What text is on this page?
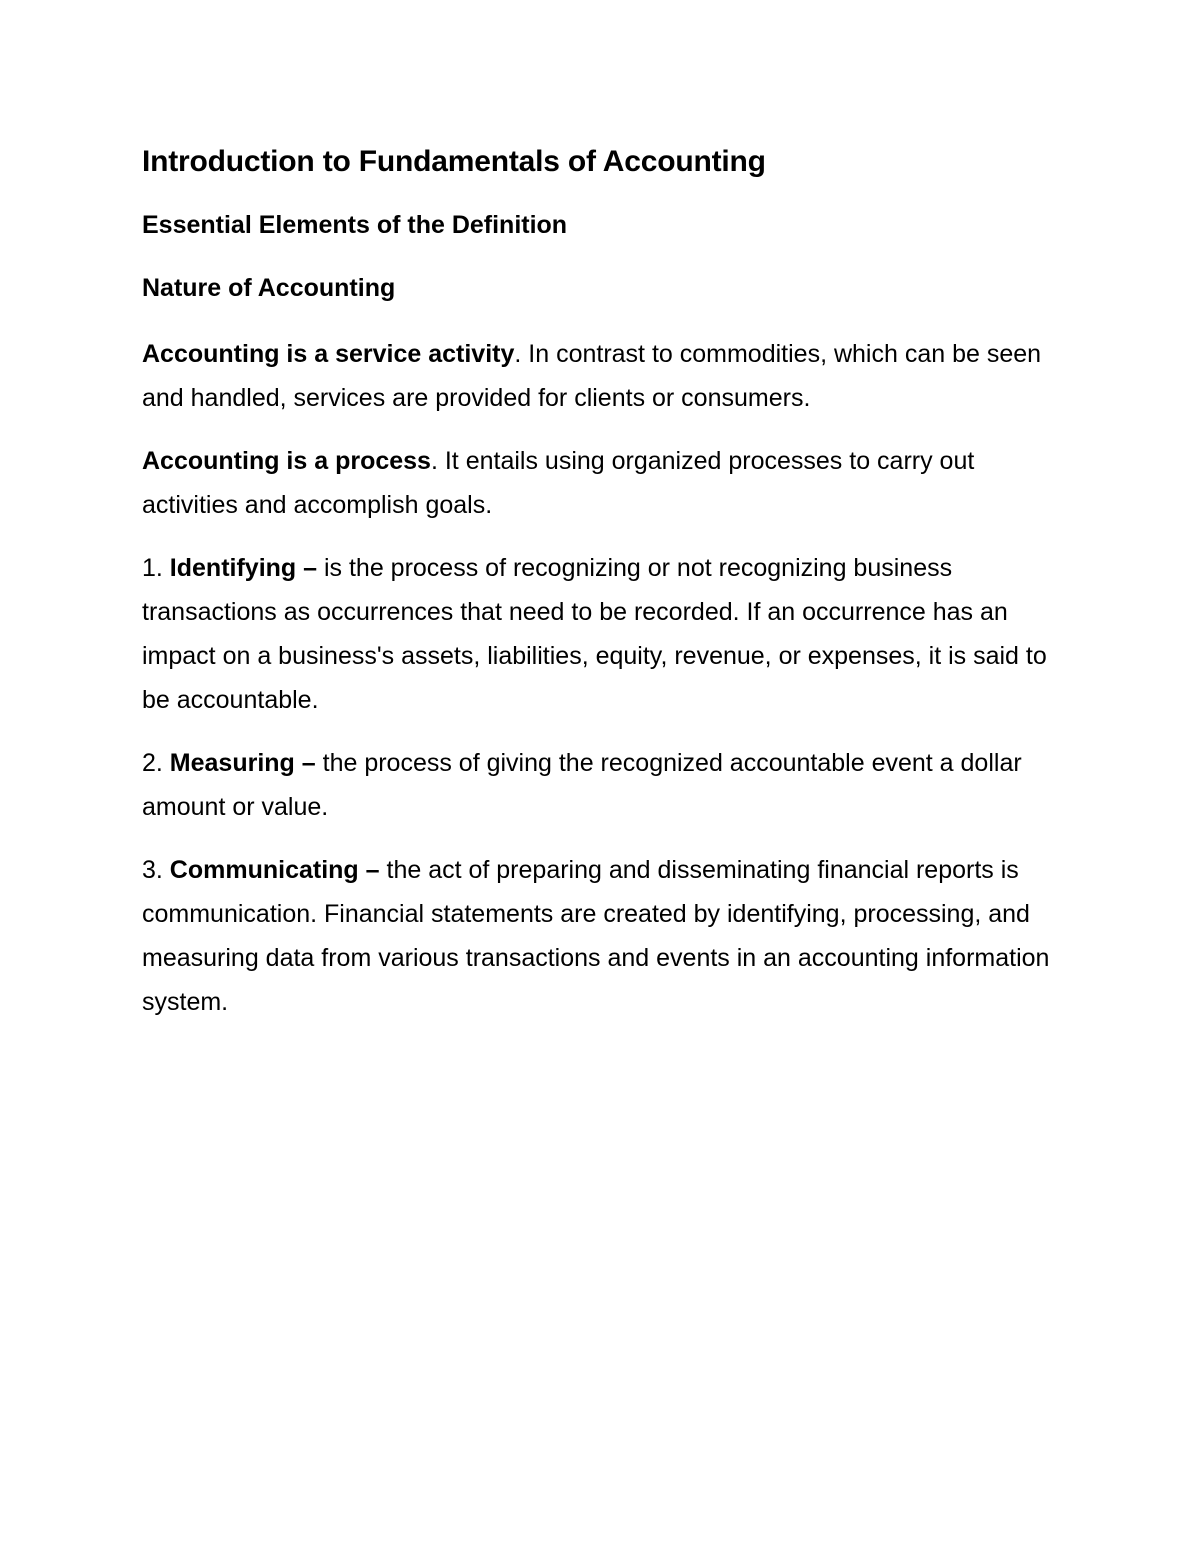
Introduction to Fundamentals of Accounting
Essential Elements of the Definition
Nature of Accounting
Accounting is a service activity. In contrast to commodities, which can be seen and handled, services are provided for clients or consumers.
Accounting is a process. It entails using organized processes to carry out activities and accomplish goals.
1. Identifying – is the process of recognizing or not recognizing business transactions as occurrences that need to be recorded. If an occurrence has an impact on a business's assets, liabilities, equity, revenue, or expenses, it is said to be accountable.
2. Measuring – the process of giving the recognized accountable event a dollar amount or value.
3. Communicating – the act of preparing and disseminating financial reports is communication. Financial statements are created by identifying, processing, and measuring data from various transactions and events in an accounting information system.
